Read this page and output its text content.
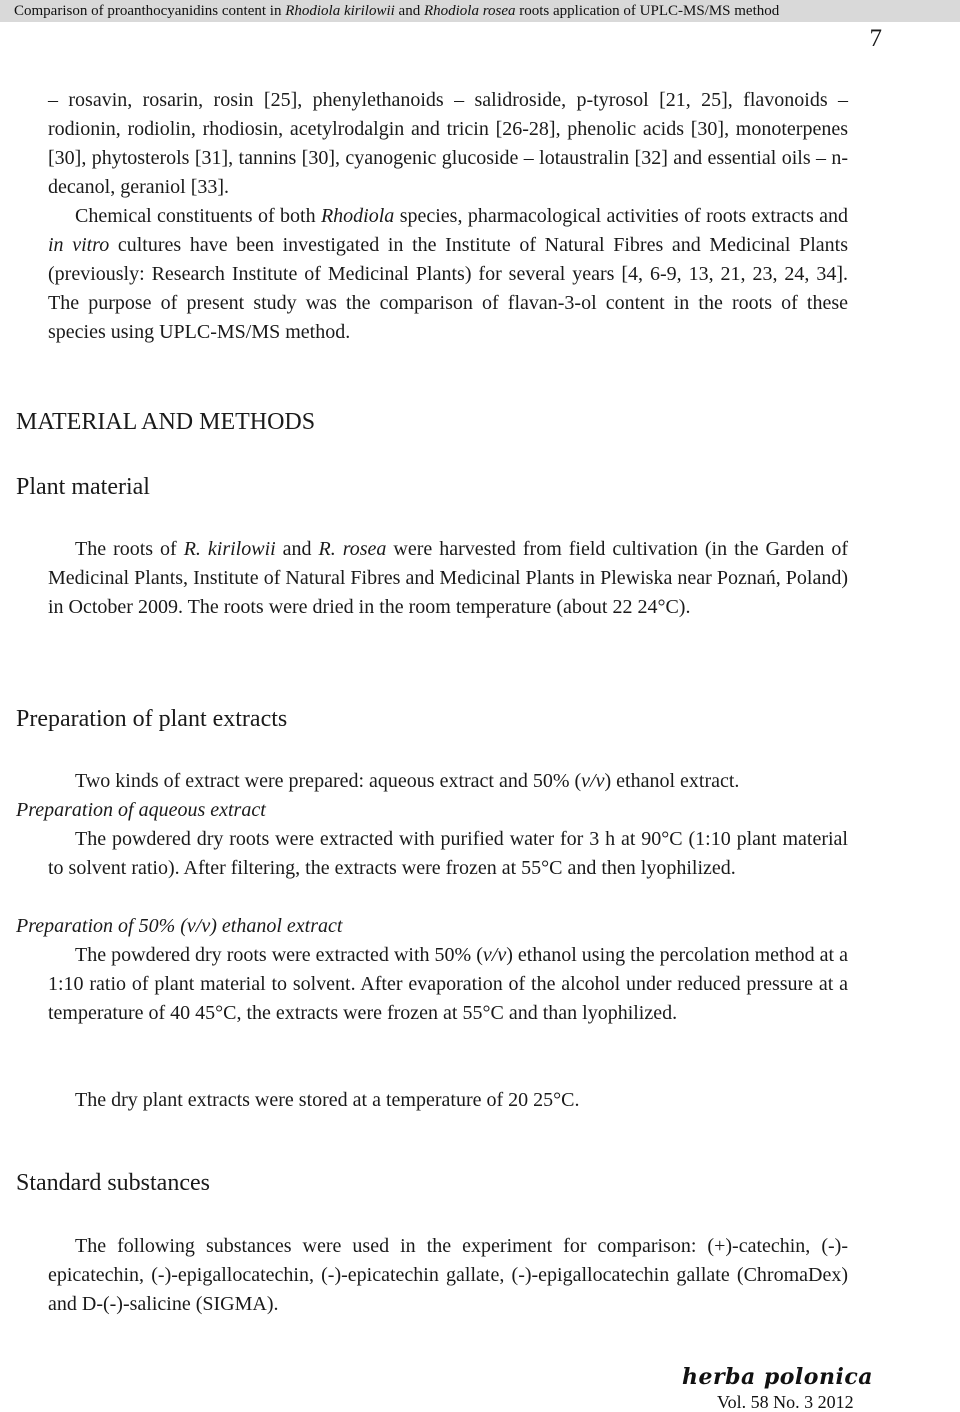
Comparison of proanthocyanidins content in Rhodiola kirilowii and Rhodiola rosea roots application of UPLC-MS/MS method
7

– rosavin, rosarin, rosin [25], phenylethanoids – salidroside, p-tyrosol [21, 25], flavonoids – rodionin, rodiolin, rhodiosin, acetylrodalgin and tricin [26-28], phenolic acids [30], monoterpenes [30], phytosterols [31], tannins [30], cyanogenic glucoside – lotaustralin [32] and essential oils – n-decanol, geraniol [33].

Chemical constituents of both Rhodiola species, pharmacological activities of roots extracts and in vitro cultures have been investigated in the Institute of Natural Fibres and Medicinal Plants (previously: Research Institute of Medicinal Plants) for several years [4, 6-9, 13, 21, 23, 24, 34]. The purpose of present study was the comparison of flavan-3-ol content in the roots of these species using UPLC-MS/MS method.

MATERIAL AND METHODS
Plant material

The roots of R. kirilowii and R. rosea were harvested from field cultivation (in the Garden of Medicinal Plants, Institute of Natural Fibres and Medicinal Plants in Plewiska near Poznań, Poland) in October 2009. The roots were dried in the room temperature (about 22 24°C).

Preparation of plant extracts

Two kinds of extract were prepared: aqueous extract and 50% (v/v) ethanol extract.

Preparation of aqueous extract

The powdered dry roots were extracted with purified water for 3 h at 90°C (1:10 plant material to solvent ratio). After filtering, the extracts were frozen at 55°C and then lyophilized.

Preparation of 50% (v/v) ethanol extract

The powdered dry roots were extracted with 50% (v/v) ethanol using the percolation method at a 1:10 ratio of plant material to solvent. After evaporation of the alcohol under reduced pressure at a temperature of 40 45°C, the extracts were frozen at 55°C and than lyophilized.

The dry plant extracts were stored at a temperature of 20 25°C.

Standard substances

The following substances were used in the experiment for comparison: (+)-catechin, (-)-epicatechin, (-)-epigallocatechin, (-)-epicatechin gallate, (-)-epigallocatechin gallate (ChromaDex) and D-(-)-salicine (SIGMA).

herba polonica
Vol. 58 No. 3 2012
